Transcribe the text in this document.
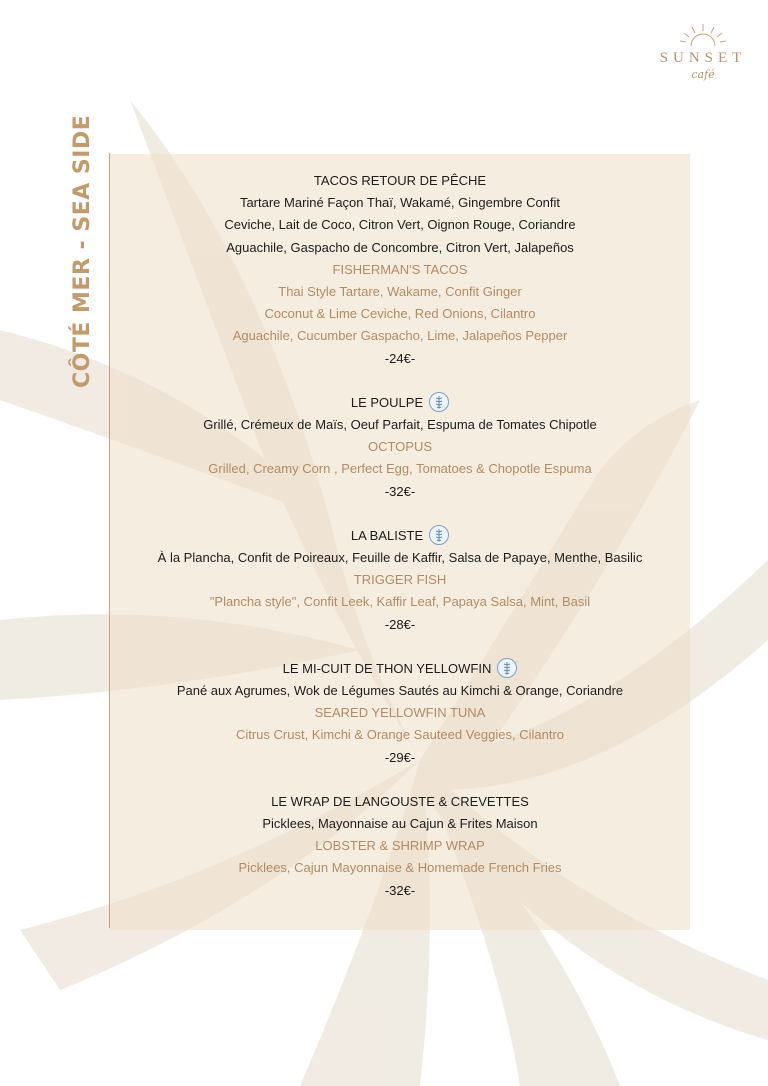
SUNSET
café
CÔTÉ MER - SEA SIDE	TACOS RETOUR DE PÊCHE
Tartare Mariné Façon Thaï, Wakamé, Gingembre Confit
Ceviche, Lait de Coco, Citron Vert, Oignon Rouge, Coriandre
Aguachile, Gaspacho de Concombre, Citron Vert, Jalapeños
FISHERMAN'S TACOS
Thai Style Tartare, Wakame, Confit Ginger
Coconut & Lime Ceviche, Red Onions, Cilantro
Aguachile, Cucumber Gaspacho, Lime, Jalapeños Pepper
-24€-
LE POULPE
Grillé, Crémeux de Maïs, Oeuf Parfait, Espuma de Tomates Chipotle
OCTOPUS
Grilled, Creamy Corn , Perfect Egg, Tomatoes & Chopotle Espuma
-32€-
LA BALISTE
À la Plancha, Confit de Poireaux, Feuille de Kaffir, Salsa de Papaye, Menthe, Basilic
TRIGGER FISH
"Plancha style", Confit Leek, Kaffir Leaf, Papaya Salsa, Mint, Basil
-28€-
LE MI-CUIT DE THON YELLOWFIN
Pané aux Agrumes, Wok de Légumes Sautés au Kimchi & Orange, Coriandre
SEARED YELLOWFIN TUNA
Citrus Crust, Kimchi & Orange Sauteed Veggies, Cilantro
-29€-
LE WRAP DE LANGOUSTE & CREVETTES
Picklees, Mayonnaise au Cajun & Frites Maison
LOBSTER & SHRIMP WRAP
Picklees, Cajun Mayonnaise & Homemade French Fries
-32€-
